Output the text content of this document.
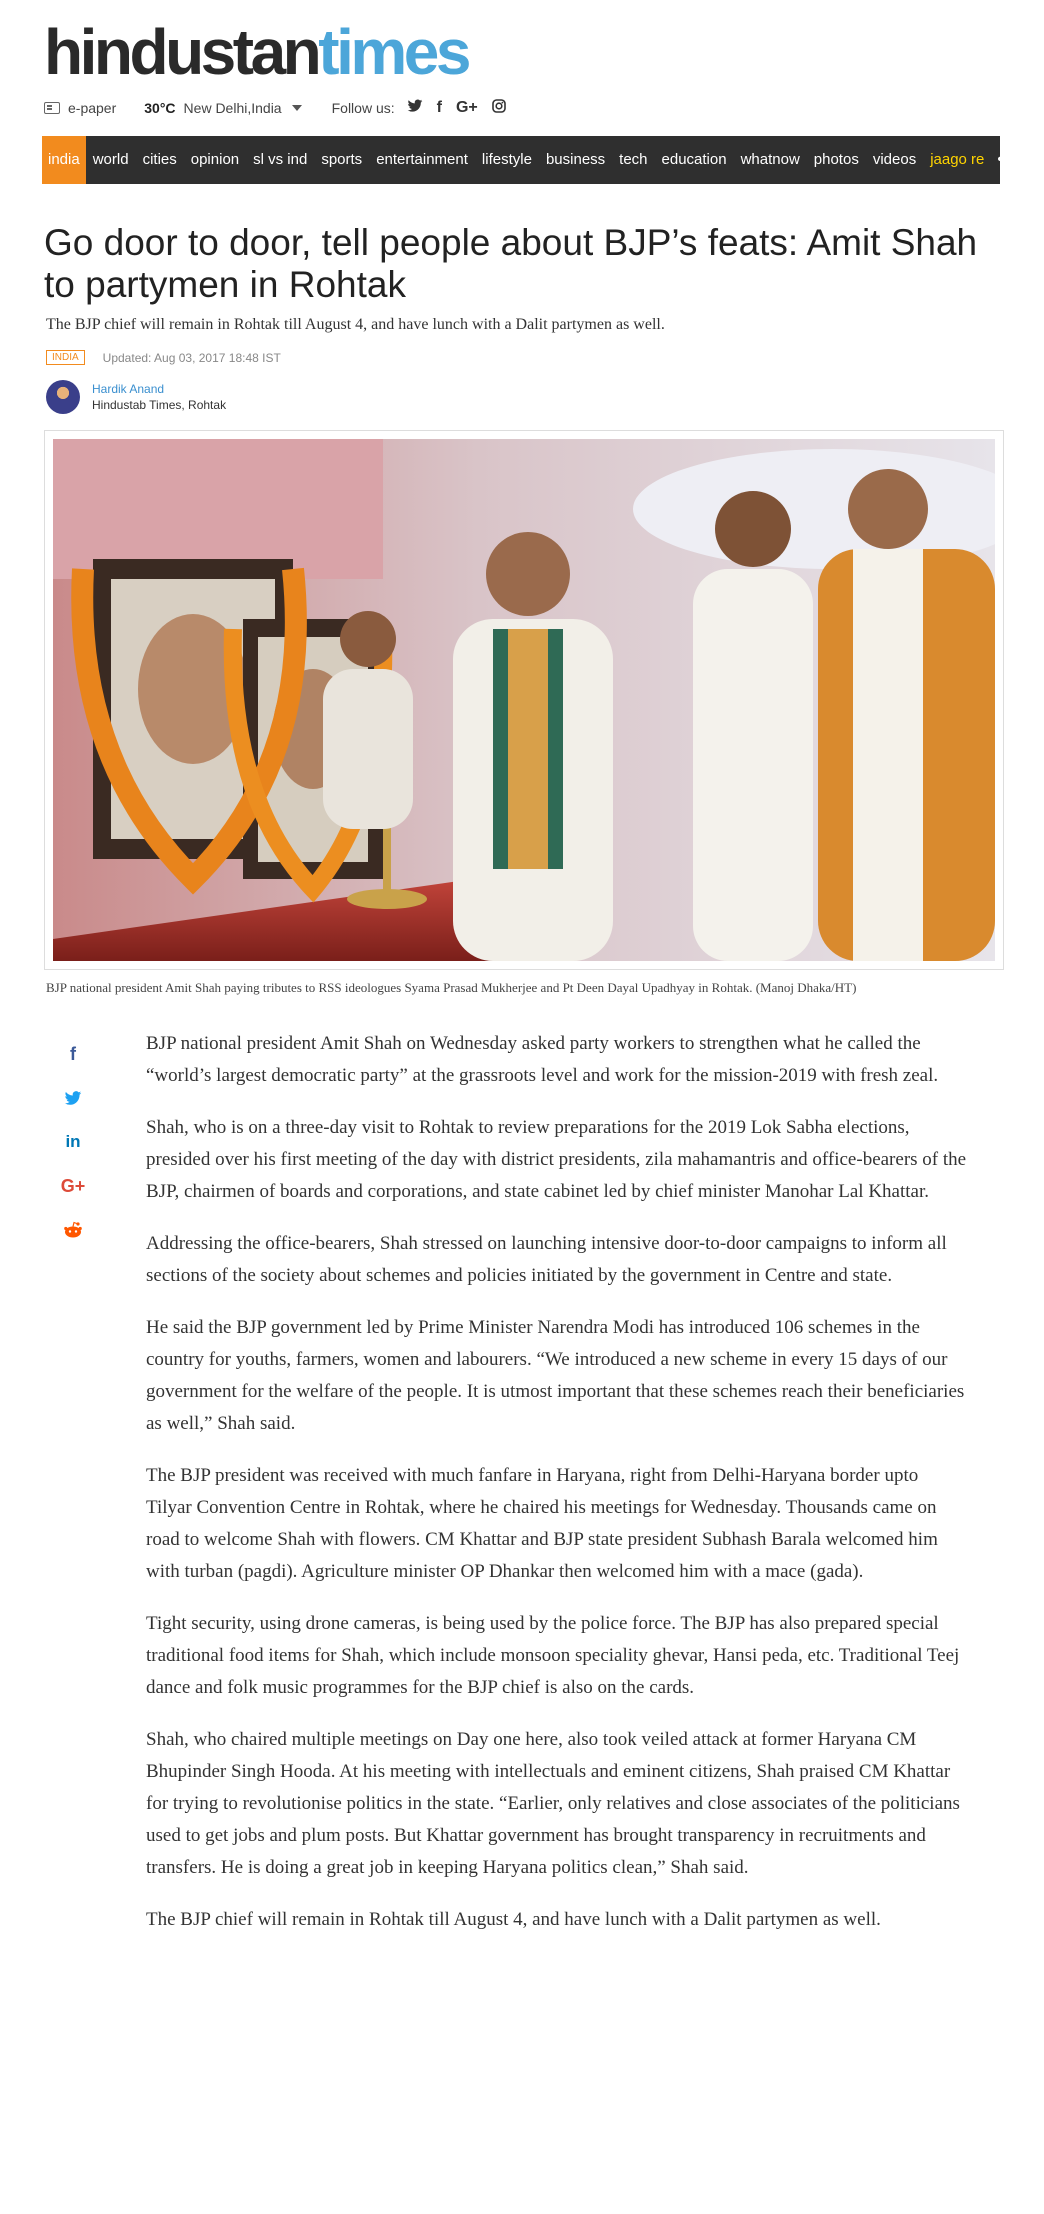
hindustan times
e-paper 30°C New Delhi,India	Follow us:	f G+
india world cities opinion sl vs ind sports entertainment lifestyle business tech education whatnow photos videos jaago re •••
Go door to door, tell people about BJP’s feats: Amit Shah to partymen in Rohtak
The BJP chief will remain in Rohtak till August 4, and have lunch with a Dalit partymen as well.
INDIA	Updated: Aug 03, 2017 18:48 IST
Hardik Anand
Hindustab Times, Rohtak
BJP national president Amit Shah paying tributes to RSS ideologues Syama Prasad Mukherjee and Pt Deen Dayal Upadhyay in Rohtak. (Manoj Dhaka/HT)
f
in
G+

BJP national president Amit Shah on Wednesday asked party workers to strengthen what he called the “world’s largest democratic party” at the grassroots level and work for the mission-2019 with fresh zeal.

Shah, who is on a three-day visit to Rohtak to review preparations for the 2019 Lok Sabha elections, presided over his first meeting of the day with district presidents, zila mahamantris and office-bearers of the BJP, chairmen of boards and corporations, and state cabinet led by chief minister Manohar Lal Khattar.

Addressing the office-bearers, Shah stressed on launching intensive door-to-door campaigns to inform all sections of the society about schemes and policies initiated by the government in Centre and state.

He said the BJP government led by Prime Minister Narendra Modi has introduced 106 schemes in the country for youths, farmers, women and labourers. “We introduced a new scheme in every 15 days of our government for the welfare of the people. It is utmost important that these schemes reach their beneficiaries as well,” Shah said.

The BJP president was received with much fanfare in Haryana, right from Delhi-Haryana border upto Tilyar Convention Centre in Rohtak, where he chaired his meetings for Wednesday. Thousands came on road to welcome Shah with flowers. CM Khattar and BJP state president Subhash Barala welcomed him with turban (pagdi). Agriculture minister OP Dhankar then welcomed him with a mace (gada).

Tight security, using drone cameras, is being used by the police force. The BJP has also prepared special traditional food items for Shah, which include monsoon speciality ghevar, Hansi peda, etc. Traditional Teej dance and folk music programmes for the BJP chief is also on the cards.

Shah, who chaired multiple meetings on Day one here, also took veiled attack at former Haryana CM Bhupinder Singh Hooda. At his meeting with intellectuals and eminent citizens, Shah praised CM Khattar for trying to revolutionise politics in the state. “Earlier, only relatives and close associates of the politicians used to get jobs and plum posts. But Khattar government has brought transparency in recruitments and transfers. He is doing a great job in keeping Haryana politics clean,” Shah said.

The BJP chief will remain in Rohtak till August 4, and have lunch with a Dalit partymen as well.
